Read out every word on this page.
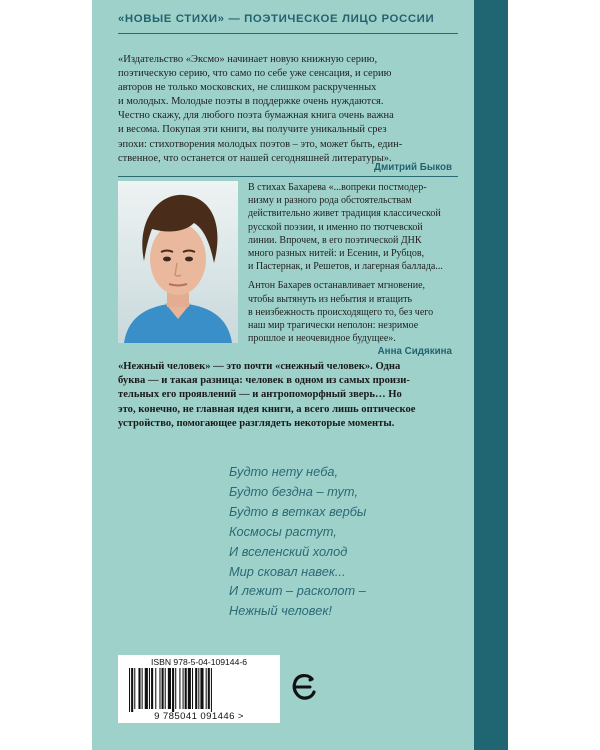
«НОВЫЕ СТИХИ» — ПОЭТИЧЕСКОЕ ЛИЦО РОССИИ

«Издательство «Эксмо» начинает новую книжную серию,

поэтическую серию, что само по себе уже сенсация, и серию

авторов не только московских, не слишком раскрученных

и молодых. Молодые поэты в поддержке очень нуждаются.

Честно скажу, для любого поэта бумажная книга очень важна

и весома. Покупая эти книги, вы получите уникальный срез

эпохи: стихотворения молодых поэтов – это, может быть, един-

ственное, что останется от нашей сегодняшней литературы».

Дмитрий Быков

В стихах Бахарева «...вопреки постмодер-
низму и разного рода обстоятельствам
действительно живет традиция классической
русской поэзии, и именно по тютчевской
линии. Впрочем, в его поэтической ДНК
много разных нитей: и Есенин, и Рубцов,
и Пастернак, и Решетов, и лагерная баллада...

Антон Бахарев останавливает мгновение,
чтобы вытянуть из небытия и втащить
в неизбежность происходящего то, без чего
наш мир трагически неполон: незримое
прошлое и неочевидное будущее».

Анна Сидякина
«Нежный человек» — это почти «снежный человек». Одна
буква — и такая разница: человек в одном из самых произи-
тельных его проявлений — и антропоморфный зверь… Но
это, конечно, не главная идея книги, а всего лишь оптическое
устройство, помогающее разглядеть некоторые моменты.
Будто нету неба,
Будто бездна – тут,
Будто в ветках вербы
Космосы растут,
И вселенский холод
Мир сковал навек...
И лежит – расколот –
Нежный человек!
ISBN 978-5-04-109144-6
9 785041 091446 >
